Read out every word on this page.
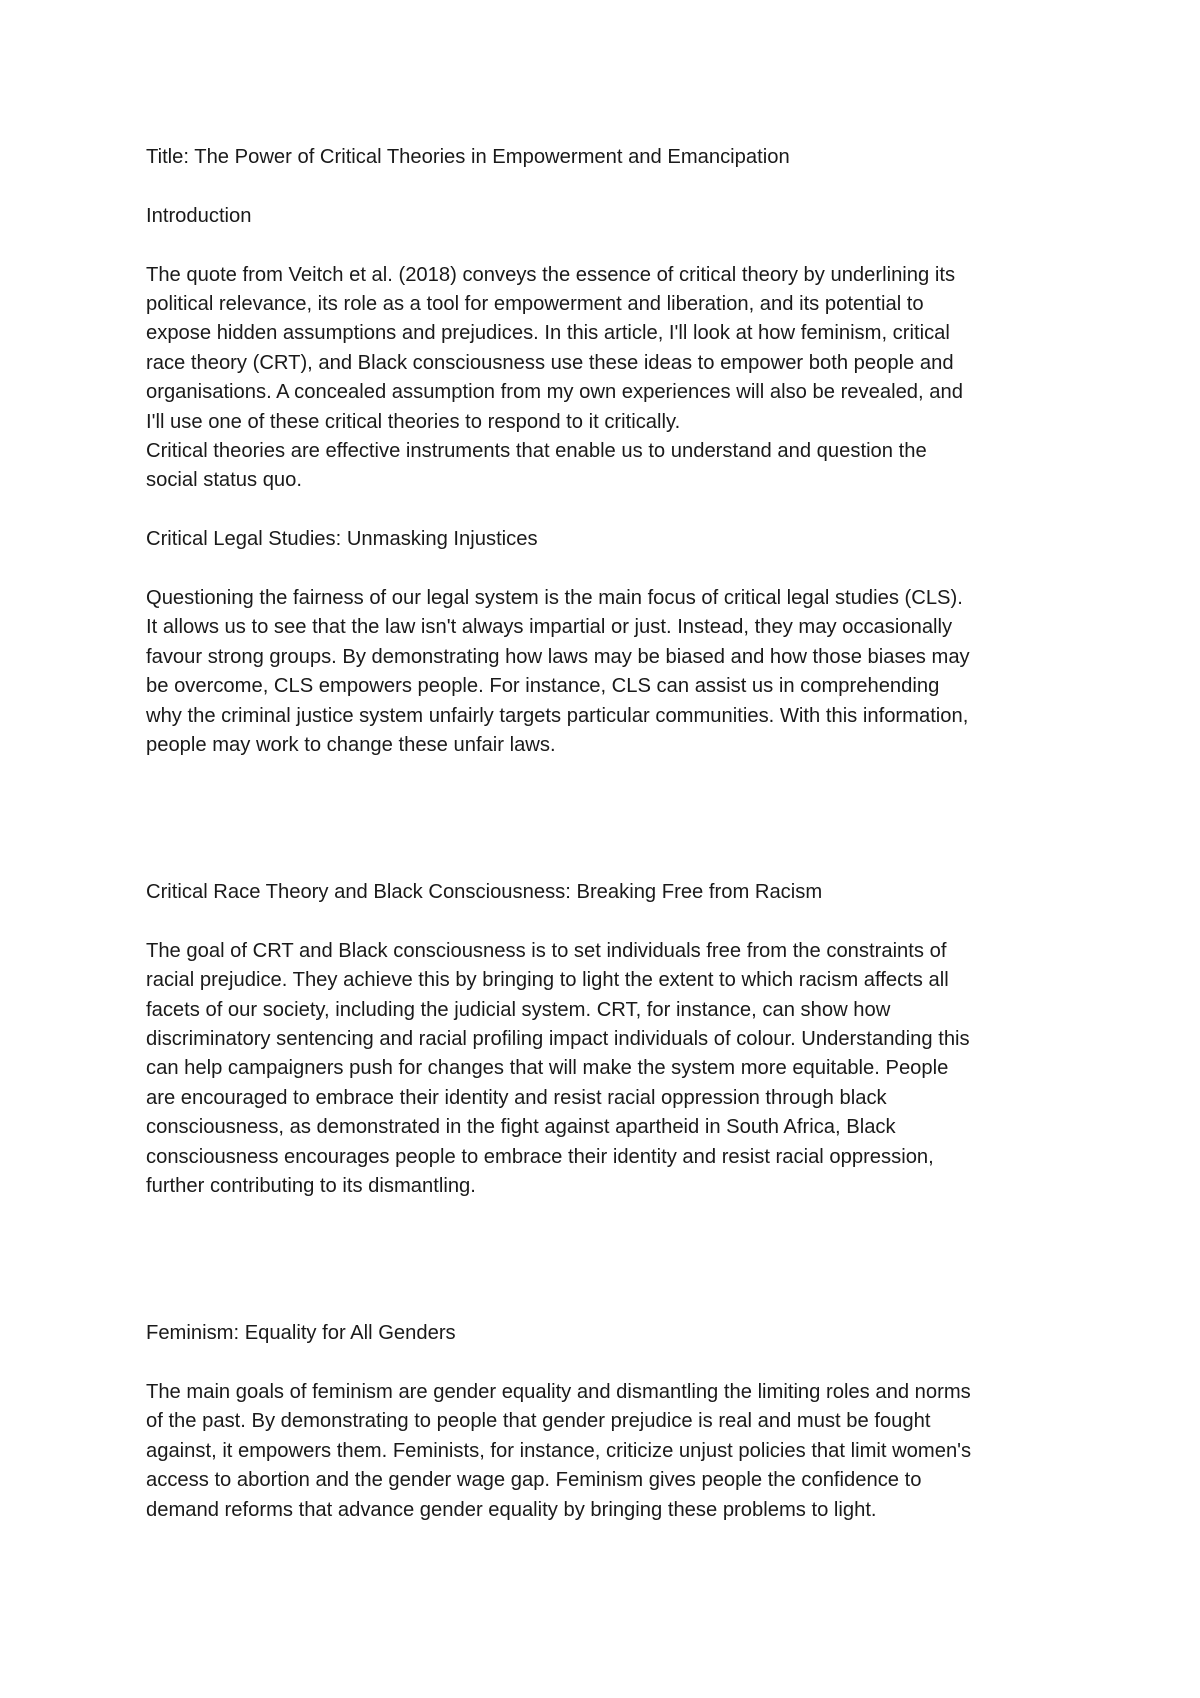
Title: The Power of Critical Theories in Empowerment and Emancipation
Introduction
The quote from Veitch et al. (2018) conveys the essence of critical theory by underlining its
political relevance, its role as a tool for empowerment and liberation, and its potential to
expose hidden assumptions and prejudices. In this article, I'll look at how feminism, critical
race theory (CRT), and Black consciousness use these ideas to empower both people and
organisations. A concealed assumption from my own experiences will also be revealed, and
I'll use one of these critical theories to respond to it critically.
Critical theories are effective instruments that enable us to understand and question the
social status quo.
Critical Legal Studies: Unmasking Injustices
Questioning the fairness of our legal system is the main focus of critical legal studies (CLS).
It allows us to see that the law isn't always impartial or just. Instead, they may occasionally
favour strong groups. By demonstrating how laws may be biased and how those biases may
be overcome, CLS empowers people. For instance, CLS can assist us in comprehending
why the criminal justice system unfairly targets particular communities. With this information,
people may work to change these unfair laws.
Critical Race Theory and Black Consciousness: Breaking Free from Racism
The goal of CRT and Black consciousness is to set individuals free from the constraints of
racial prejudice. They achieve this by bringing to light the extent to which racism affects all
facets of our society, including the judicial system. CRT, for instance, can show how
discriminatory sentencing and racial profiling impact individuals of colour. Understanding this
can help campaigners push for changes that will make the system more equitable. People
are encouraged to embrace their identity and resist racial oppression through black
consciousness, as demonstrated in the fight against apartheid in South Africa, Black
consciousness encourages people to embrace their identity and resist racial oppression,
further contributing to its dismantling.
Feminism: Equality for All Genders
The main goals of feminism are gender equality and dismantling the limiting roles and norms
of the past. By demonstrating to people that gender prejudice is real and must be fought
against, it empowers them. Feminists, for instance, criticize unjust policies that limit women's
access to abortion and the gender wage gap. Feminism gives people the confidence to
demand reforms that advance gender equality by bringing these problems to light.
